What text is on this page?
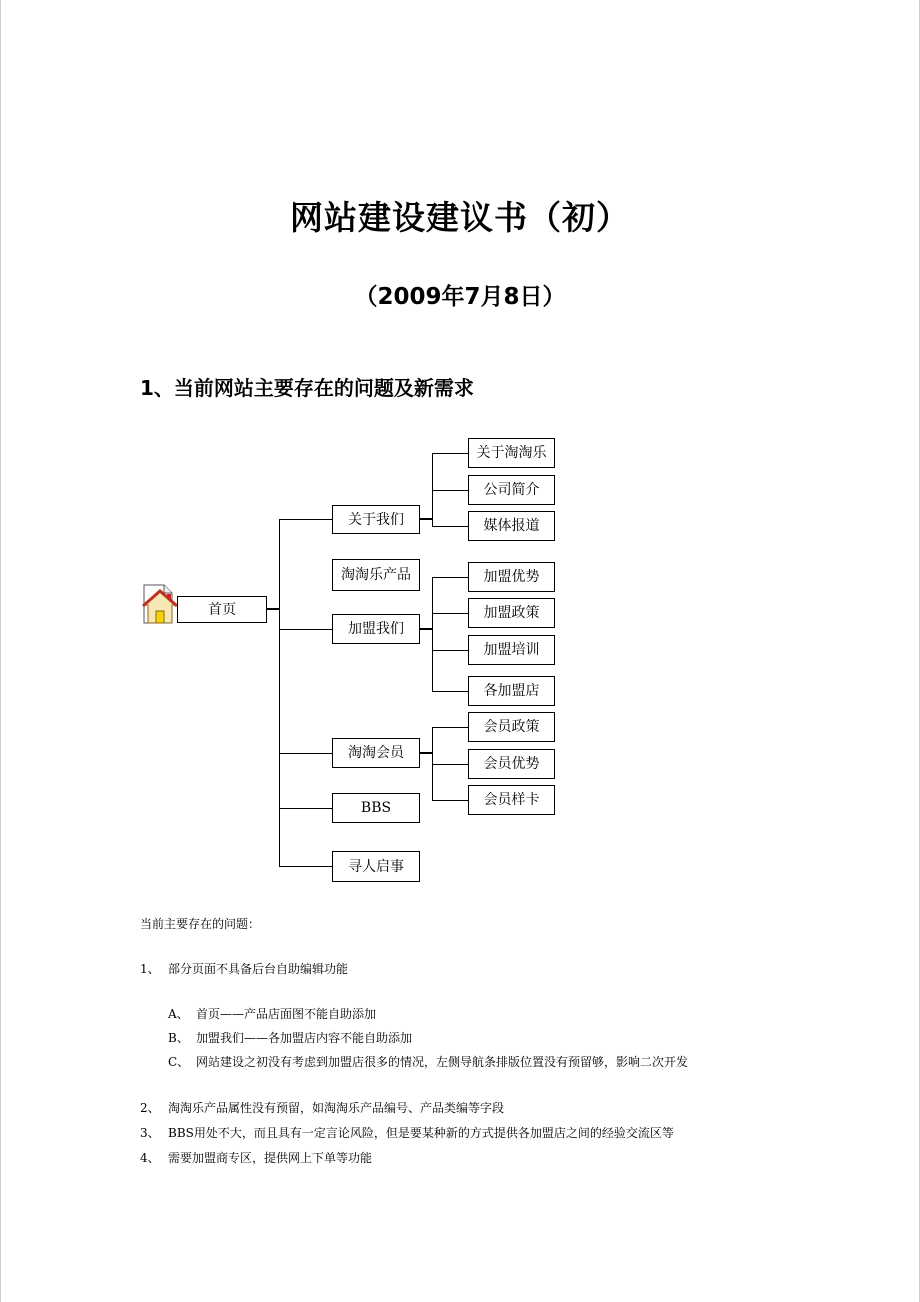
网站建设建议书（初）
（2009年7月8日）
1、当前网站主要存在的问题及新需求
首页
关于我们
淘淘乐产品
加盟我们
淘淘会员
BBS
寻人启事
关于淘淘乐
公司简介
媒体报道
加盟优势
加盟政策
加盟培训
各加盟店
会员政策
会员优势
会员样卡
当前主要存在的问题：
1、 部分页面不具备后台自助编辑功能
A、 首页——产品店面图不能自助添加
B、 加盟我们——各加盟店内容不能自助添加
C、 网站建设之初没有考虑到加盟店很多的情况，左侧导航条排版位置没有预留够，影响二次开发
2、 淘淘乐产品属性没有预留，如淘淘乐产品编号、产品类编等字段
3、 BBS用处不大，而且具有一定言论风险，但是要某种新的方式提供各加盟店之间的经验交流区等
4、 需要加盟商专区，提供网上下单等功能
